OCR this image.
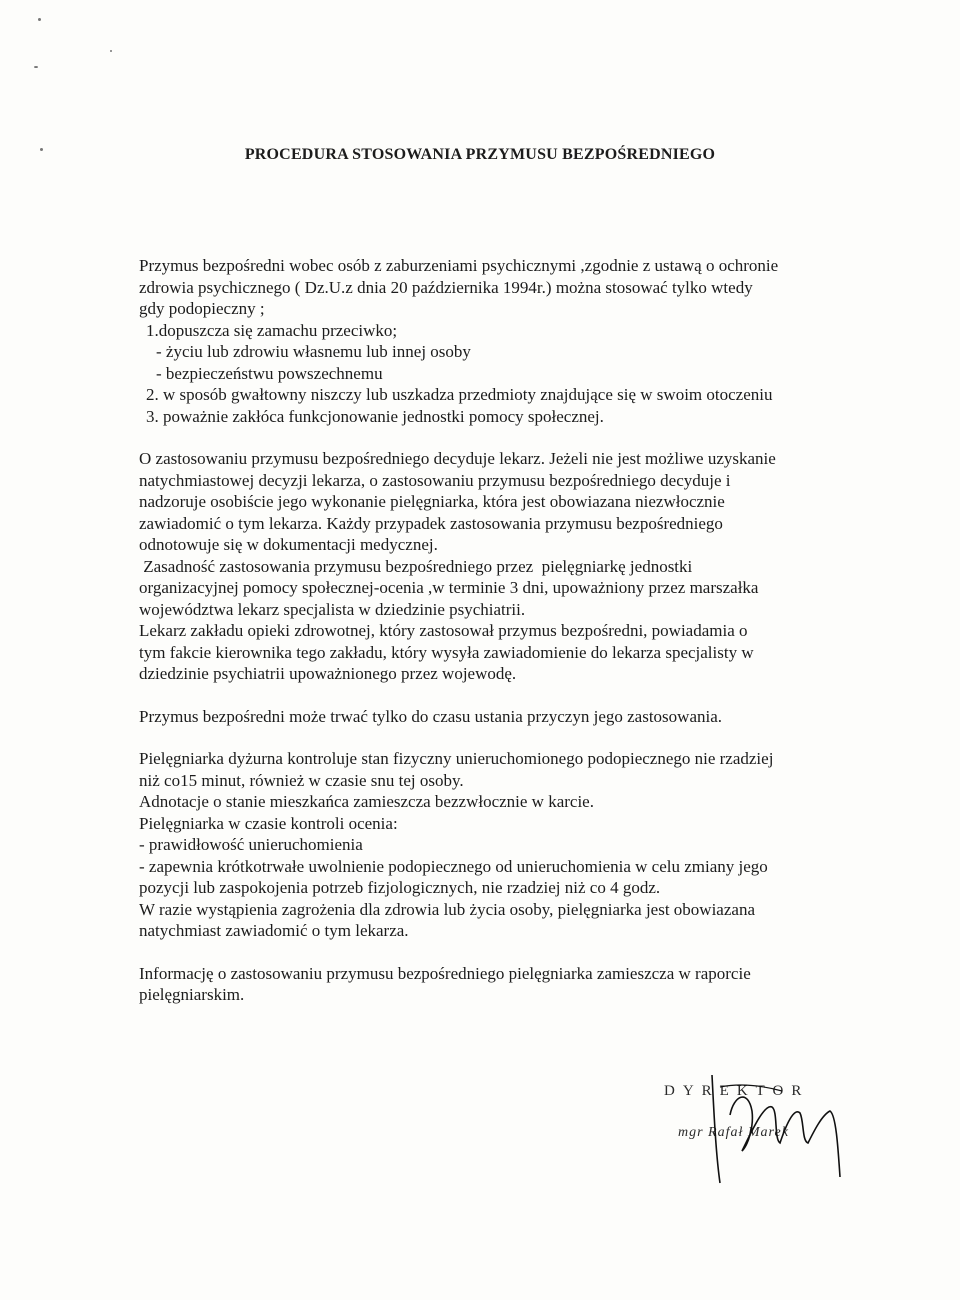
PROCEDURA STOSOWANIA PRZYMUSU BEZPOŚREDNIEGO

Przymus bezpośredni wobec osób z zaburzeniami psychicznymi ,zgodnie z ustawą o ochronie

zdrowia psychicznego ( Dz.U.z dnia 20 października 1994r.) można stosować tylko wtedy

gdy podopieczny ;

1.dopuszcza się zamachu przeciwko;

- życiu lub zdrowiu własnemu lub innej osoby

- bezpieczeństwu powszechnemu

2. w sposób gwałtowny niszczy lub uszkadza przedmioty znajdujące się w swoim otoczeniu

3. poważnie zakłóca funkcjonowanie jednostki pomocy społecznej.

O zastosowaniu przymusu bezpośredniego decyduje lekarz. Jeżeli nie jest możliwe uzyskanie

natychmiastowej decyzji lekarza, o zastosowaniu przymusu bezpośredniego decyduje i

nadzoruje osobiście jego wykonanie pielęgniarka, która jest obowiazana niezwłocznie

zawiadomić o tym lekarza. Każdy przypadek zastosowania przymusu bezpośredniego

odnotowuje się w dokumentacji medycznej.

Zasadność zastosowania przymusu bezpośredniego przez  pielęgniarkę jednostki

organizacyjnej pomocy społecznej-ocenia ,w terminie 3 dni, upoważniony przez marszałka

województwa lekarz specjalista w dziedzinie psychiatrii.

Lekarz zakładu opieki zdrowotnej, który zastosował przymus bezpośredni, powiadamia o

tym fakcie kierownika tego zakładu, który wysyła zawiadomienie do lekarza specjalisty w

dziedzinie psychiatrii upoważnionego przez wojewodę.

Przymus bezpośredni może trwać tylko do czasu ustania przyczyn jego zastosowania.

Pielęgniarka dyżurna kontroluje stan fizyczny unieruchomionego podopiecznego nie rzadziej

niż co15 minut, również w czasie snu tej osoby.

Adnotacje o stanie mieszkańca zamieszcza bezzwłocznie w karcie.

Pielęgniarka w czasie kontroli ocenia:

- prawidłowość unieruchomienia

- zapewnia krótkotrwałe uwolnienie podopiecznego od unieruchomienia w celu zmiany jego

pozycji lub zaspokojenia potrzeb fizjologicznych, nie rzadziej niż co 4 godz.

W razie wystąpienia zagrożenia dla zdrowia lub życia osoby, pielęgniarka jest obowiazana

natychmiast zawiadomić o tym lekarza.

Informację o zastosowaniu przymusu bezpośredniego pielęgniarka zamieszcza w raporcie

pielęgniarskim.

DYREKTOR
mgr Rafał Marek
